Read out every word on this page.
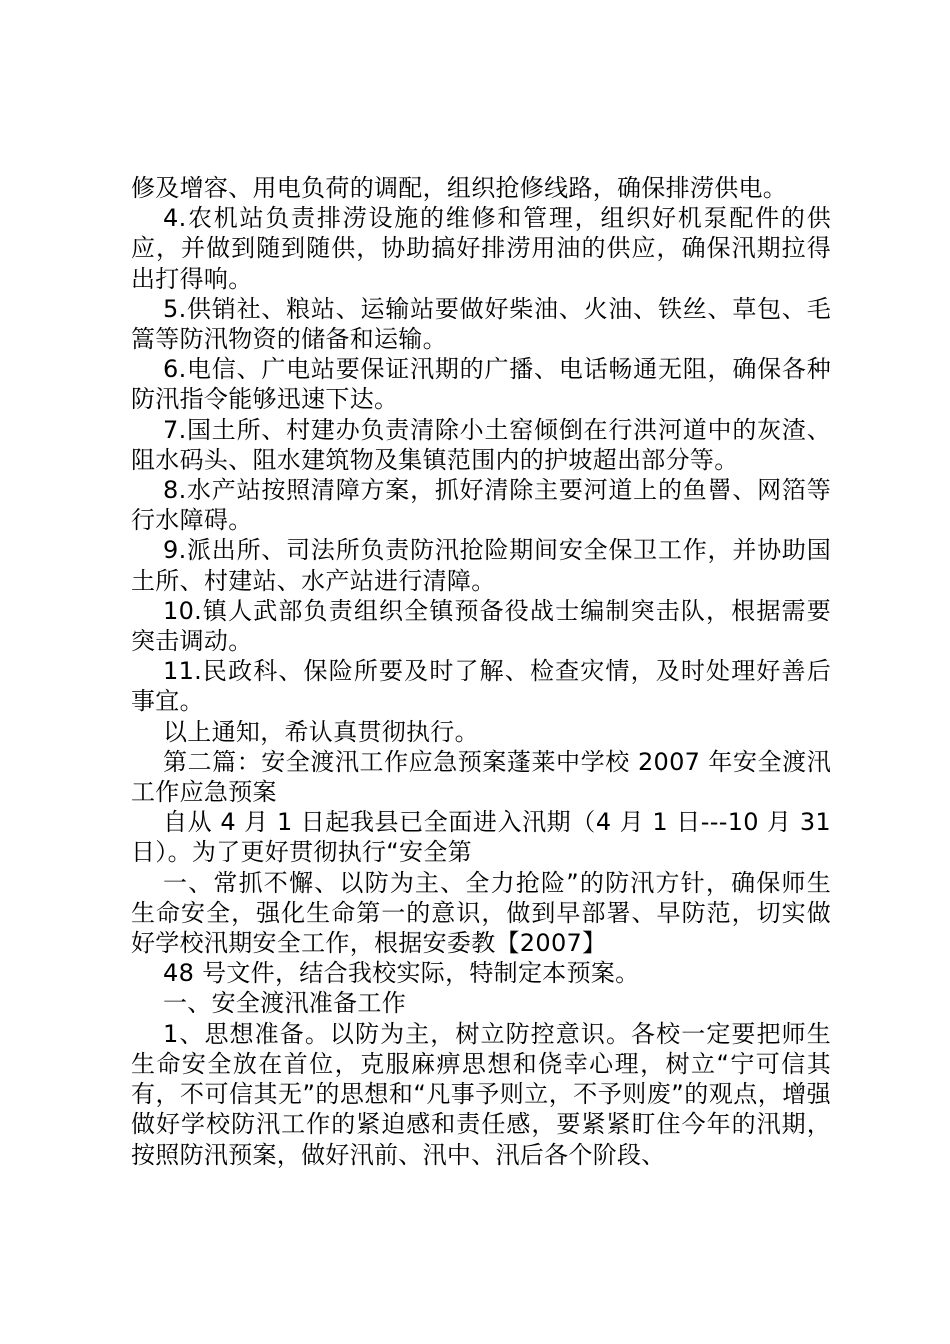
修及增容、用电负荷的调配，组织抢修线路，确保排涝供电。

4.农机站负责排涝设施的维修和管理，组织好机泵配件的供应，并做到随到随供，协助搞好排涝用油的供应，确保汛期拉得出打得响。

5.供销社、粮站、运输站要做好柴油、火油、铁丝、草包、毛篙等防汛物资的储备和运输。

6.电信、广电站要保证汛期的广播、电话畅通无阻，确保各种防汛指令能够迅速下达。

7.国土所、村建办负责清除小土窑倾倒在行洪河道中的灰渣、阻水码头、阻水建筑物及集镇范围内的护坡超出部分等。

8.水产站按照清障方案，抓好清除主要河道上的鱼罾、网箔等行水障碍。

9.派出所、司法所负责防汛抢险期间安全保卫工作，并协助国土所、村建站、水产站进行清障。

10.镇人武部负责组织全镇预备役战士编制突击队，根据需要突击调动。

11.民政科、保险所要及时了解、检查灾情，及时处理好善后事宜。

以上通知，希认真贯彻执行。

第二篇：安全渡汛工作应急预案蓬莱中学校 2007 年安全渡汛工作应急预案

自从 4 月 1 日起我县已全面进入汛期（4 月 1 日---10 月 31 日）。为了更好贯彻执行“安全第

一、常抓不懈、以防为主、全力抢险”的防汛方针，确保师生生命安全，强化生命第一的意识，做到早部署、早防范，切实做好学校汛期安全工作，根据安委教【2007】

48 号文件，结合我校实际，特制定本预案。

一、安全渡汛准备工作

1、思想准备。以防为主，树立防控意识。各校一定要把师生生命安全放在首位，克服麻痹思想和侥幸心理，树立“宁可信其有，不可信其无”的思想和“凡事予则立，不予则废”的观点，增强做好学校防汛工作的紧迫感和责任感，要紧紧盯住今年的汛期，按照防汛预案，做好汛前、汛中、汛后各个阶段、
